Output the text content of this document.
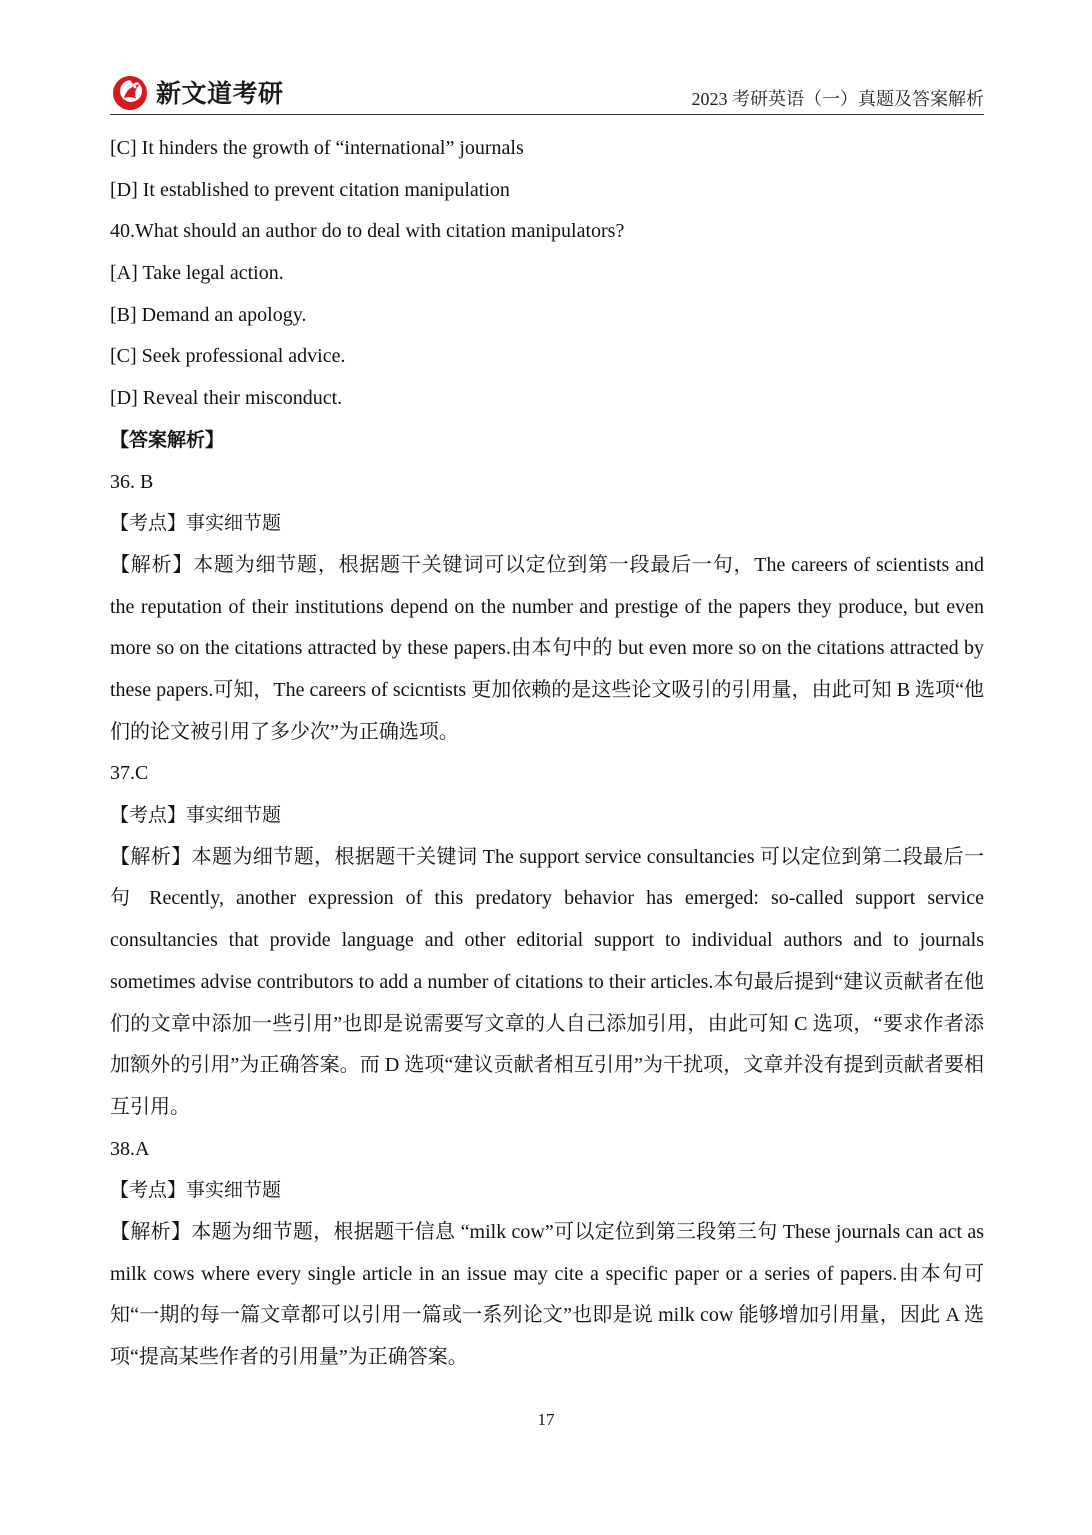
新文道考研	2023 考研英语（一）真题及答案解析
[C] It hinders the growth of “international” journals
[D] It established to prevent citation manipulation
40.What should an author do to deal with citation manipulators?
[A] Take legal action.
[B] Demand an apology.
[C] Seek professional advice.
[D] Reveal their misconduct.
【答案解析】
36. B
【考点】事实细节题
【解析】本题为细节题，根据题干关键词可以定位到第一段最后一句，The careers of scientists and the reputation of their institutions depend on the number and prestige of the papers they produce, but even more so on the citations attracted by these papers.由本句中的 but even more so on the citations attracted by these papers.可知，The careers of sciсntists 更加依赖的是这些论文吸引的引用量，由此可知 B 选项“他们的论文被引用了多少次”为正确选项。
37.C
【考点】事实细节题
【解析】本题为细节题，根据题干关键词 The support service consultancies 可以定位到第二段最后一句 Recently, another expression of this predatory behavior has emerged: so-called support service consultancies that provide language and other editorial support to individual authors and to journals sometimes advise contributors to add a number of citations to their articles.本句最后提到“建议贡献者在他们的文章中添加一些引用”也即是说需要写文章的人自己添加引用，由此可知 C 选项，“要求作者添加额外的引用”为正确答案。而 D 选项“建议贡献者相互引用”为干扰项，文章并没有提到贡献者要相互引用。
38.A
【考点】事实细节题
【解析】本题为细节题，根据题干信息 “milk cow”可以定位到第三段第三句 These journals can act as milk cows where every single article in an issue may cite a specific paper or a series of papers.由本句可知“一期的每一篇文章都可以引用一篇或一系列论文”也即是说 milk cow 能够增加引用量，因此 A 选项“提高某些作者的引用量”为正确答案。
17
